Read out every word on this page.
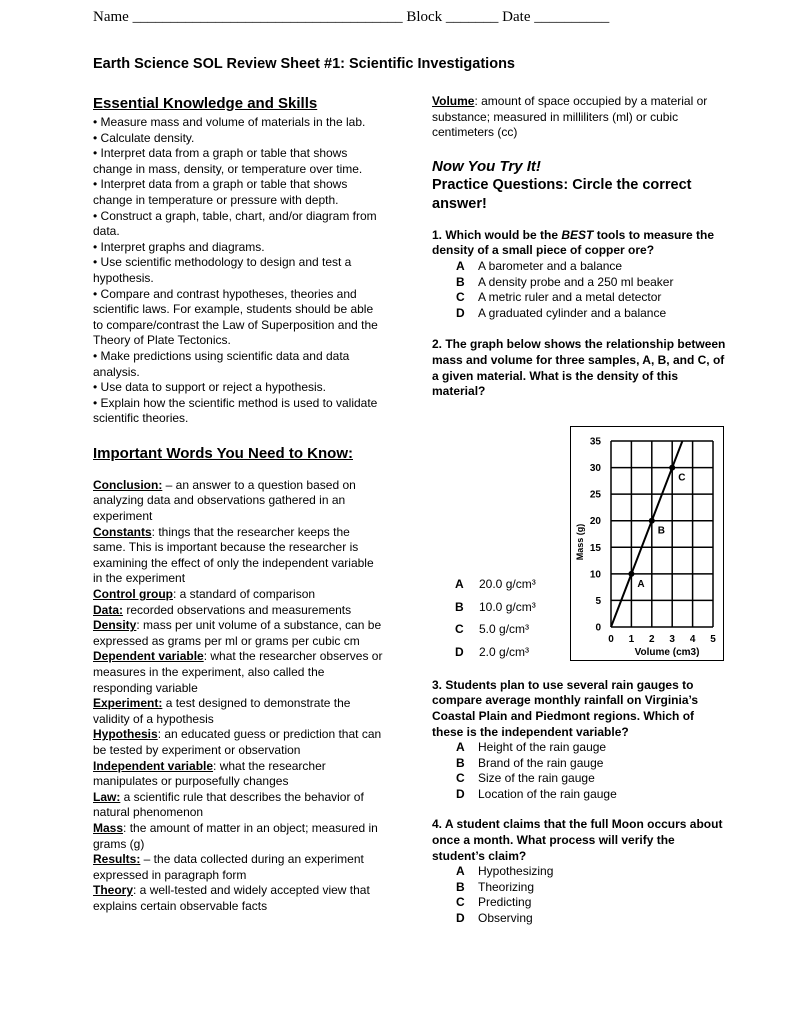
Name ____________________________________ Block _______ Date __________
Earth Science SOL Review Sheet #1: Scientific Investigations
Essential Knowledge and Skills

• Measure mass and volume of materials in the lab.

• Calculate density.

• Interpret data from a graph or table that shows change in mass, density, or temperature over time.

• Interpret data from a graph or table that shows change in temperature or pressure with depth.

• Construct a graph, table, chart, and/or diagram from data.

• Interpret graphs and diagrams.

• Use scientific methodology to design and test a hypothesis.

• Compare and contrast hypotheses, theories and scientific laws. For example, students should be able to compare/contrast the Law of Superposition and the Theory of Plate Tectonics.

• Make predictions using scientific data and data analysis.

• Use data to support or reject a hypothesis.

• Explain how the scientific method is used to validate scientific theories.

Important Words You Need to Know:

Conclusion: – an answer to a question based on analyzing data and observations gathered in an experiment

Constants: things that the researcher keeps the same. This is important because the researcher is examining the effect of only the independent variable in the experiment

Control group: a standard of comparison

Data: recorded observations and measurements

Density: mass per unit volume of a substance, can be expressed as grams per ml or grams per cubic cm

Dependent variable: what the researcher observes or measures in the experiment, also called the responding variable

Experiment: a test designed to demonstrate the validity of a hypothesis

Hypothesis: an educated guess or prediction that can be tested by experiment or observation

Independent variable: what the researcher manipulates or purposefully changes

Law: a scientific rule that describes the behavior of natural phenomenon

Mass: the amount of matter in an object; measured in grams (g)

Results: – the data collected during an experiment expressed in paragraph form

Theory: a well-tested and widely accepted view that explains certain observable facts

Volume: amount of space occupied by a material or substance; measured in milliliters (ml) or cubic centimeters (cc)

Now You Try It!

Practice Questions: Circle the correct answer!

1. Which would be the BEST tools to measure the density of a small piece of copper ore?

A	A barometer and a balance
B	A density probe and a 250 ml beaker
C	A metric ruler and a metal detector
D	A graduated cylinder and a balance

2. The graph below shows the relationship between mass and volume for three samples, A, B, and C, of a given material. What is the density of this material?

3. Students plan to use several rain gauges to compare average monthly rainfall on Virginia’s Coastal Plain and Piedmont regions. Which of these is the independent variable?

A	Height of the rain gauge
B	Brand of the rain gauge
C	Size of the rain gauge
D	Location of the rain gauge

4. A student claims that the full Moon occurs about once a month. What process will verify the student’s claim?

A	Hypothesizing
B	Theorizing
C	Predicting
D	Observing
A	20.0 g/cm³
B	10.0 g/cm³
C	5.0 g/cm³
D	2.0 g/cm³
0
5
10
15
20
25
30
35
0 1 2 3 4 5
Volume (cm3)
Mass (g)
A
B
C
